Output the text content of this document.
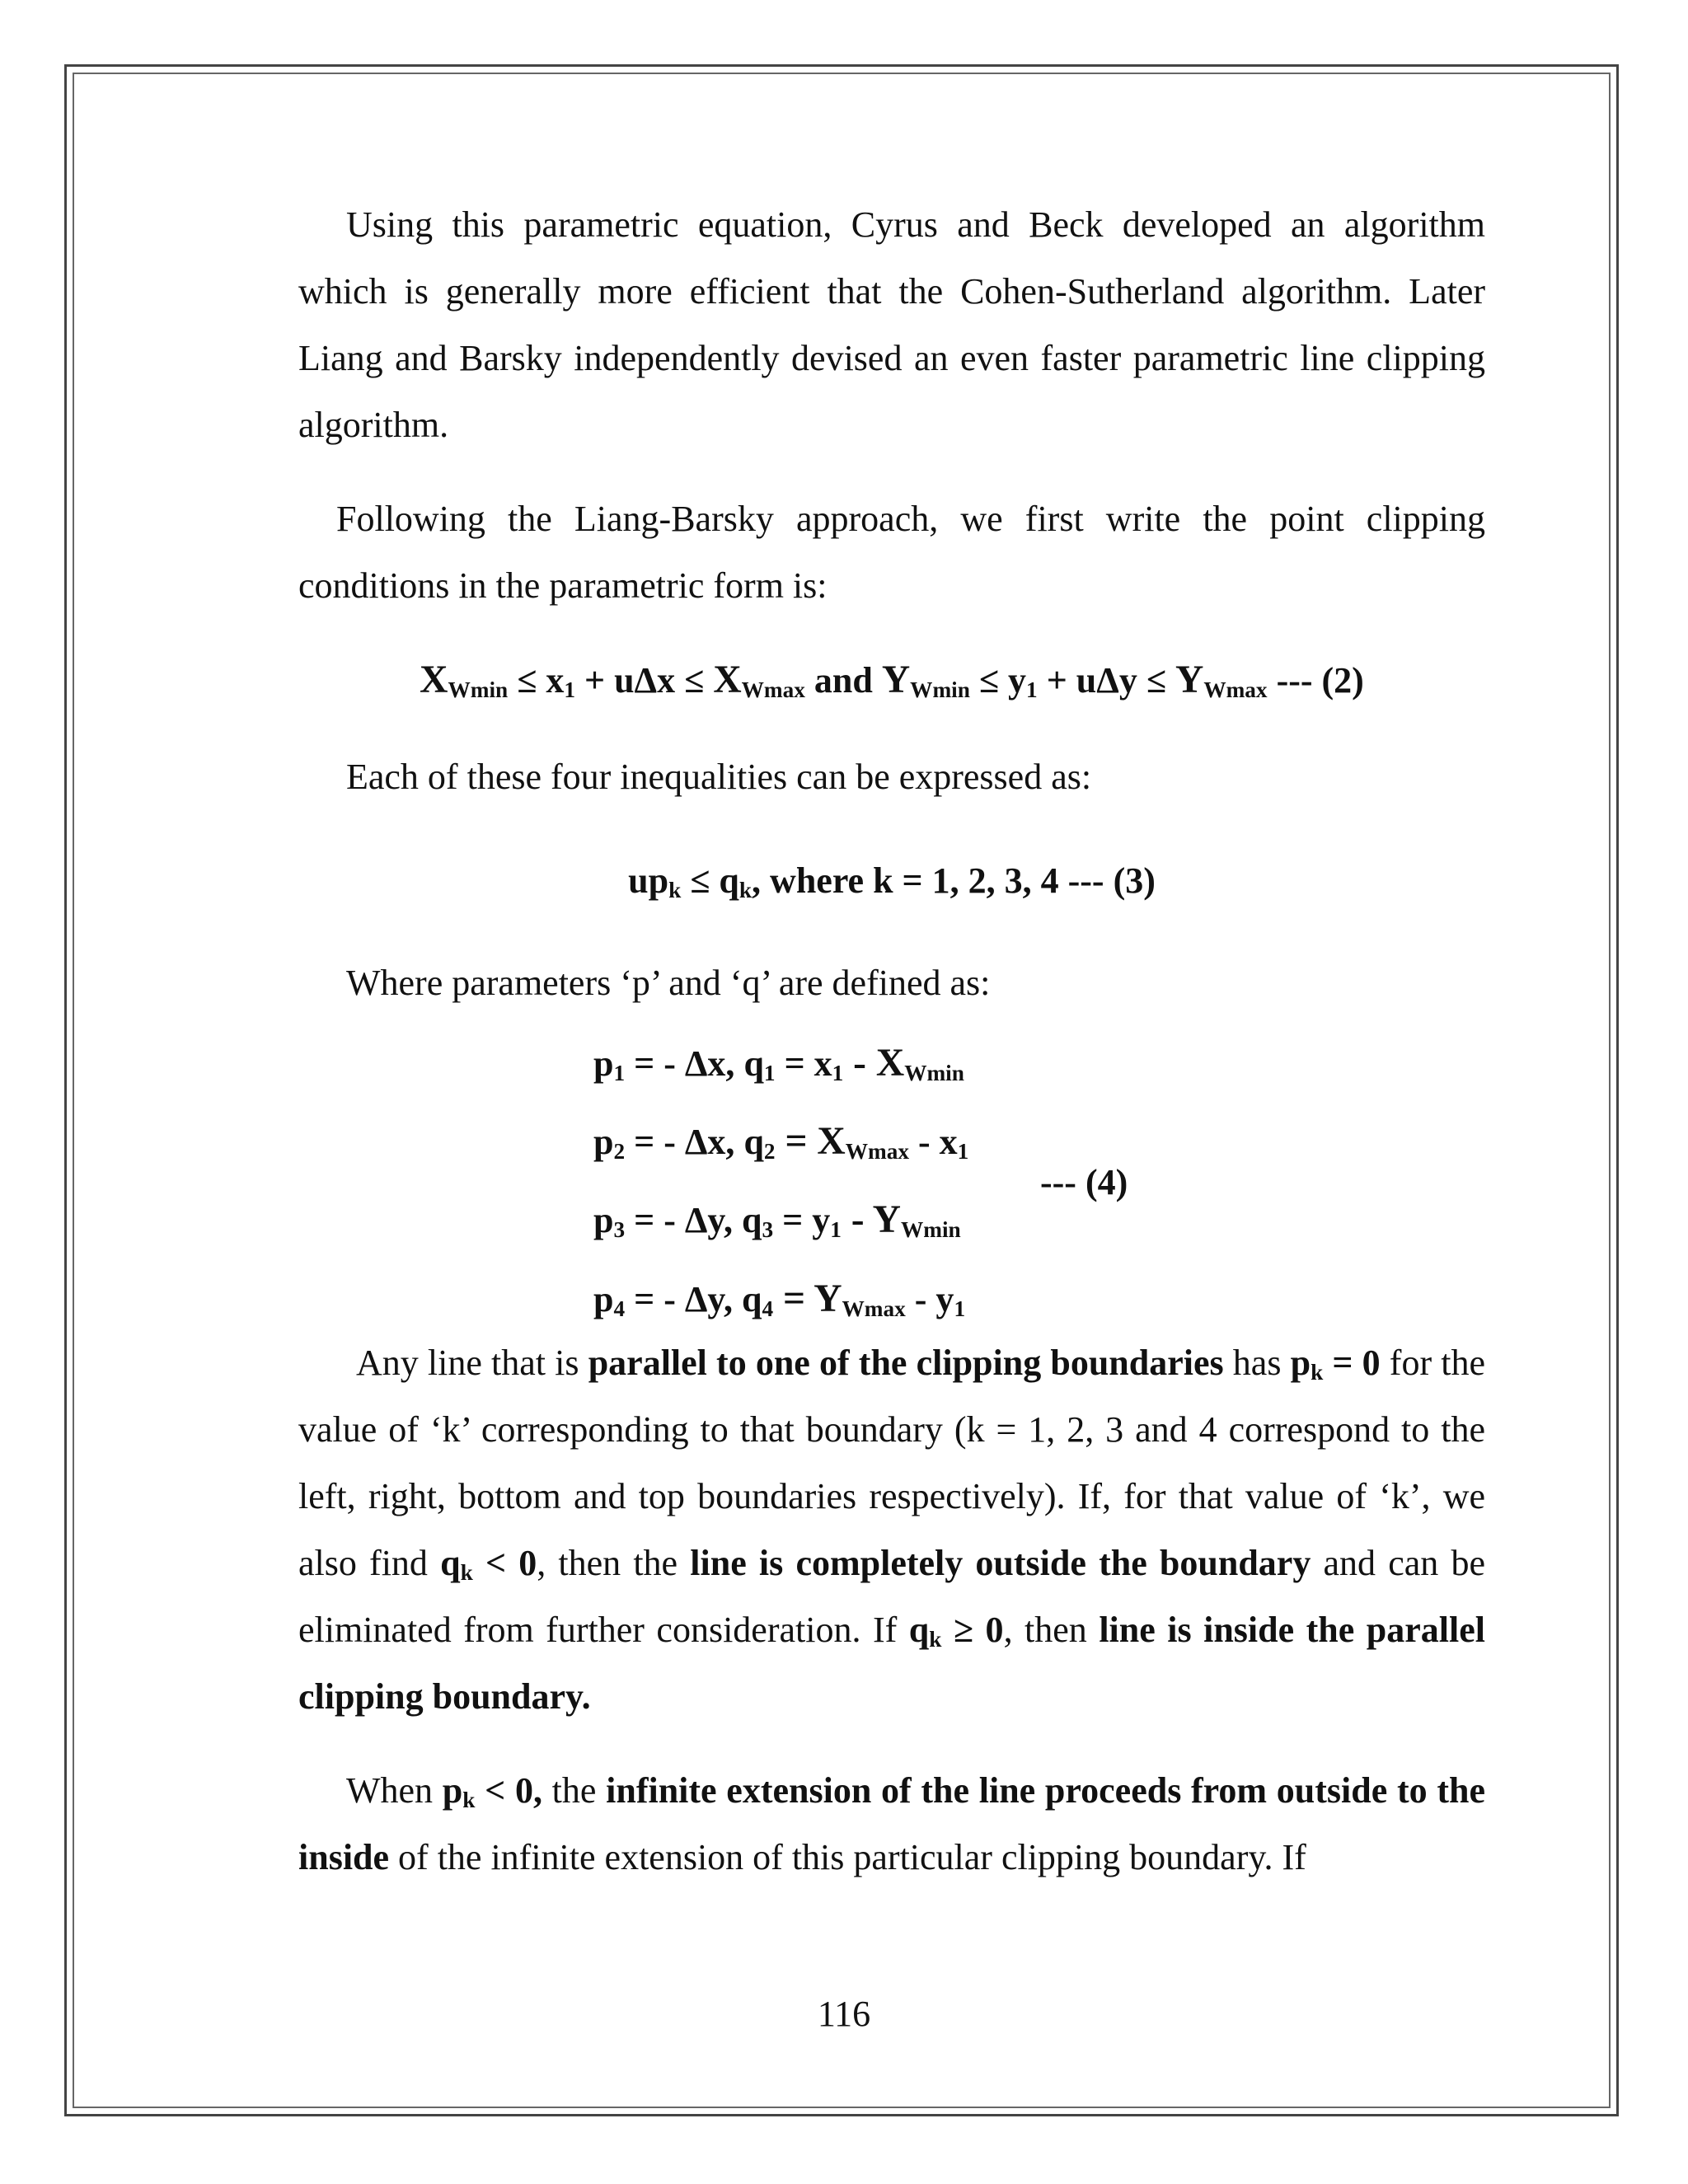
Using this parametric equation, Cyrus and Beck developed an algorithm which is generally more efficient that the Cohen-Sutherland algorithm. Later Liang and Barsky independently devised an even faster parametric line clipping algorithm.

Following the Liang-Barsky approach, we first write the point clipping conditions in the parametric form is:

$X_{Wmin} \le x_1 + u\Delta x \le X_{Wmax}$ and $Y_{Wmin} \le y_1 + u\Delta y \le Y_{Wmax}$ --- (2)
Each of these four inequalities can be expressed as:
$up_k \le q_k$, where k = 1, 2, 3, 4 --- (3)
Where parameters ‘p’ and ‘q’ are defined as:
$p_1$ = - Δx, $q_1 = x_1 - X_{Wmin}$
$p_2$ = - Δx, $q_2 = X_{Wmax} - x_1$
$p_3$ = - Δy, $q_3 = y_1 - Y_{Wmin}$
$p_4$ = - Δy, $q_4 = Y_{Wmax} - y_1$
--- (4)

Any line that is parallel to one of the clipping boundaries has $p_k = 0$ for the value of ‘k’ corresponding to that boundary (k = 1, 2, 3 and 4 correspond to the left, right, bottom and top boundaries respectively). If, for that value of ‘k’, we also find $q_k < 0$, then the line is completely outside the boundary and can be eliminated from further consideration. If $q_k \ge 0$, then line is inside the parallel clipping boundary.

When $p_k < 0$, the infinite extension of the line proceeds from outside to the inside of the infinite extension of this particular clipping boundary. If

116
